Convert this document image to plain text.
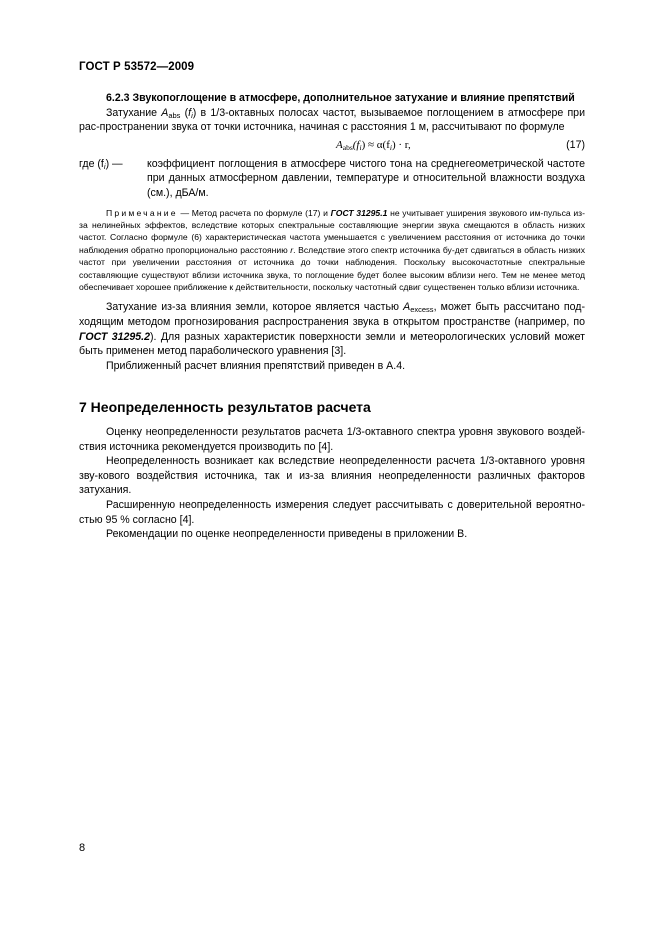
ГОСТ Р 53572—2009

6.2.3 Звукопоглощение в атмосфере, дополнительное затухание и влияние препятствий

Затухание $A_{abs}$ $(f_i)$ в 1/3-октавных полосах частот, вызываемое поглощением в атмосфере при рас-пространении звука от точки источника, начиная с расстояния 1 м, рассчитывают по формуле

$A_{abs}(f_i) \approx \alpha(f_i) \cdot r$,	(17)
где $(f_i)$ —	коэффициент поглощения в атмосфере чистого тона на среднегеометрической частоте при данных атмосферном давлении, температуре и относительной влажности воздуха (см.), дБА/м.

Примечание — Метод расчета по формуле (17) и ГОСТ 31295.1 не учитывает уширения звукового им-пульса из-за нелинейных эффектов, вследствие которых спектральные составляющие энергии звука смещаются в область низких частот. Согласно формуле (6) характеристическая частота уменьшается с увеличением расстояния от источника до точки наблюдения обратно пропорционально расстоянию r. Вследствие этого спектр источника бу-дет сдвигаться в область низких частот при увеличении расстояния от источника до точки наблюдения. Поскольку высокочастотные спектральные составляющие существуют вблизи источника звука, то поглощение будет более высоким вблизи него. Тем не менее метод обеспечивает хорошее приближение к действительности, поскольку частотный сдвиг существенен только вблизи источника.

Затухание из-за влияния земли, которое является частью $A_{excess}$, может быть рассчитано под-ходящим методом прогнозирования распространения звука в открытом пространстве (например, по ГОСТ 31295.2). Для разных характеристик поверхности земли и метеорологических условий может быть применен метод параболического уравнения [3].

Приближенный расчет влияния препятствий приведен в А.4.

7 Неопределенность результатов расчета

Оценку неопределенности результатов расчета 1/3-октавного спектра уровня звукового воздей-ствия источника рекомендуется производить по [4].

Неопределенность возникает как вследствие неопределенности расчета 1/3-октавного уровня зву-кового воздействия источника, так и из-за влияния неопределенности различных факторов затухания.

Расширенную неопределенность измерения следует рассчитывать с доверительной вероятно-стью 95 % согласно [4].

Рекомендации по оценке неопределенности приведены в приложении В.

8
